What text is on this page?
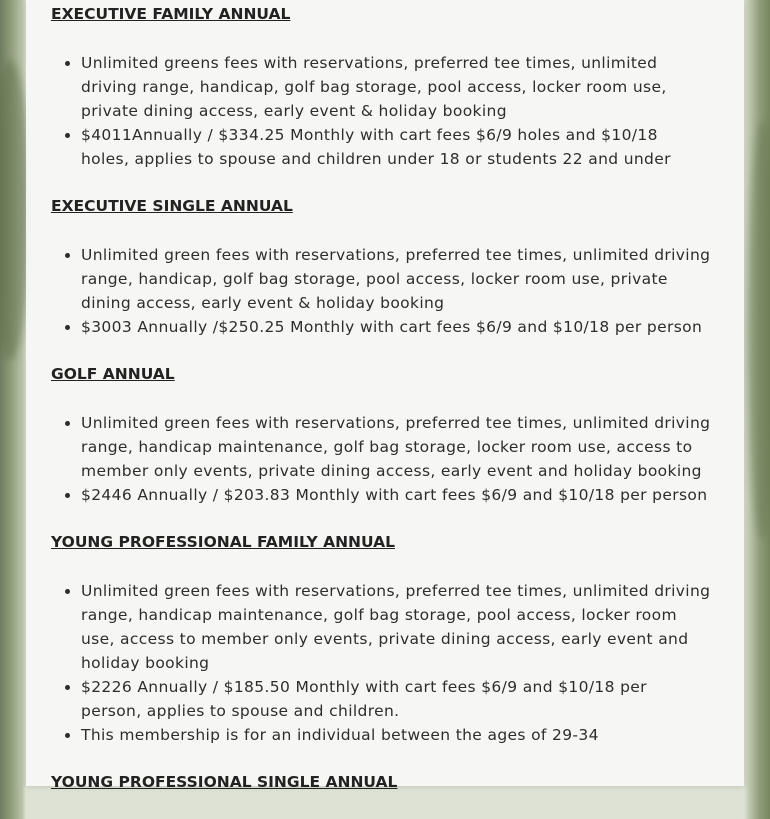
EXECUTIVE FAMILY ANNUAL

• Unlimited greens fees with reservations, preferred tee times, unlimited driving range, handicap, golf bag storage, pool access, locker room use, private dining access, early event & holiday booking
• $4011Annually / $334.25 Monthly with cart fees $6/9 holes and $10/18 holes, applies to spouse and children under 18 or students 22 and under

EXECUTIVE SINGLE ANNUAL

• Unlimited green fees with reservations, preferred tee times, unlimited driving range, handicap, golf bag storage, pool access, locker room use, private dining access, early event & holiday booking
• $3003 Annually /$250.25 Monthly with cart fees $6/9 and $10/18 per person

GOLF ANNUAL

• Unlimited green fees with reservations, preferred tee times, unlimited driving range, handicap maintenance, golf bag storage, locker room use, access to member only events, private dining access, early event and holiday booking
• $2446 Annually / $203.83 Monthly with cart fees $6/9 and $10/18 per person

YOUNG PROFESSIONAL FAMILY ANNUAL

• Unlimited green fees with reservations, preferred tee times, unlimited driving range, handicap maintenance, golf bag storage, pool access, locker room use, access to member only events, private dining access, early event and holiday booking
• $2226 Annually / $185.50 Monthly with cart fees $6/9 and $10/18 per person, applies to spouse and children.
• This membership is for an individual between the ages of 29-34

YOUNG PROFESSIONAL SINGLE ANNUAL
